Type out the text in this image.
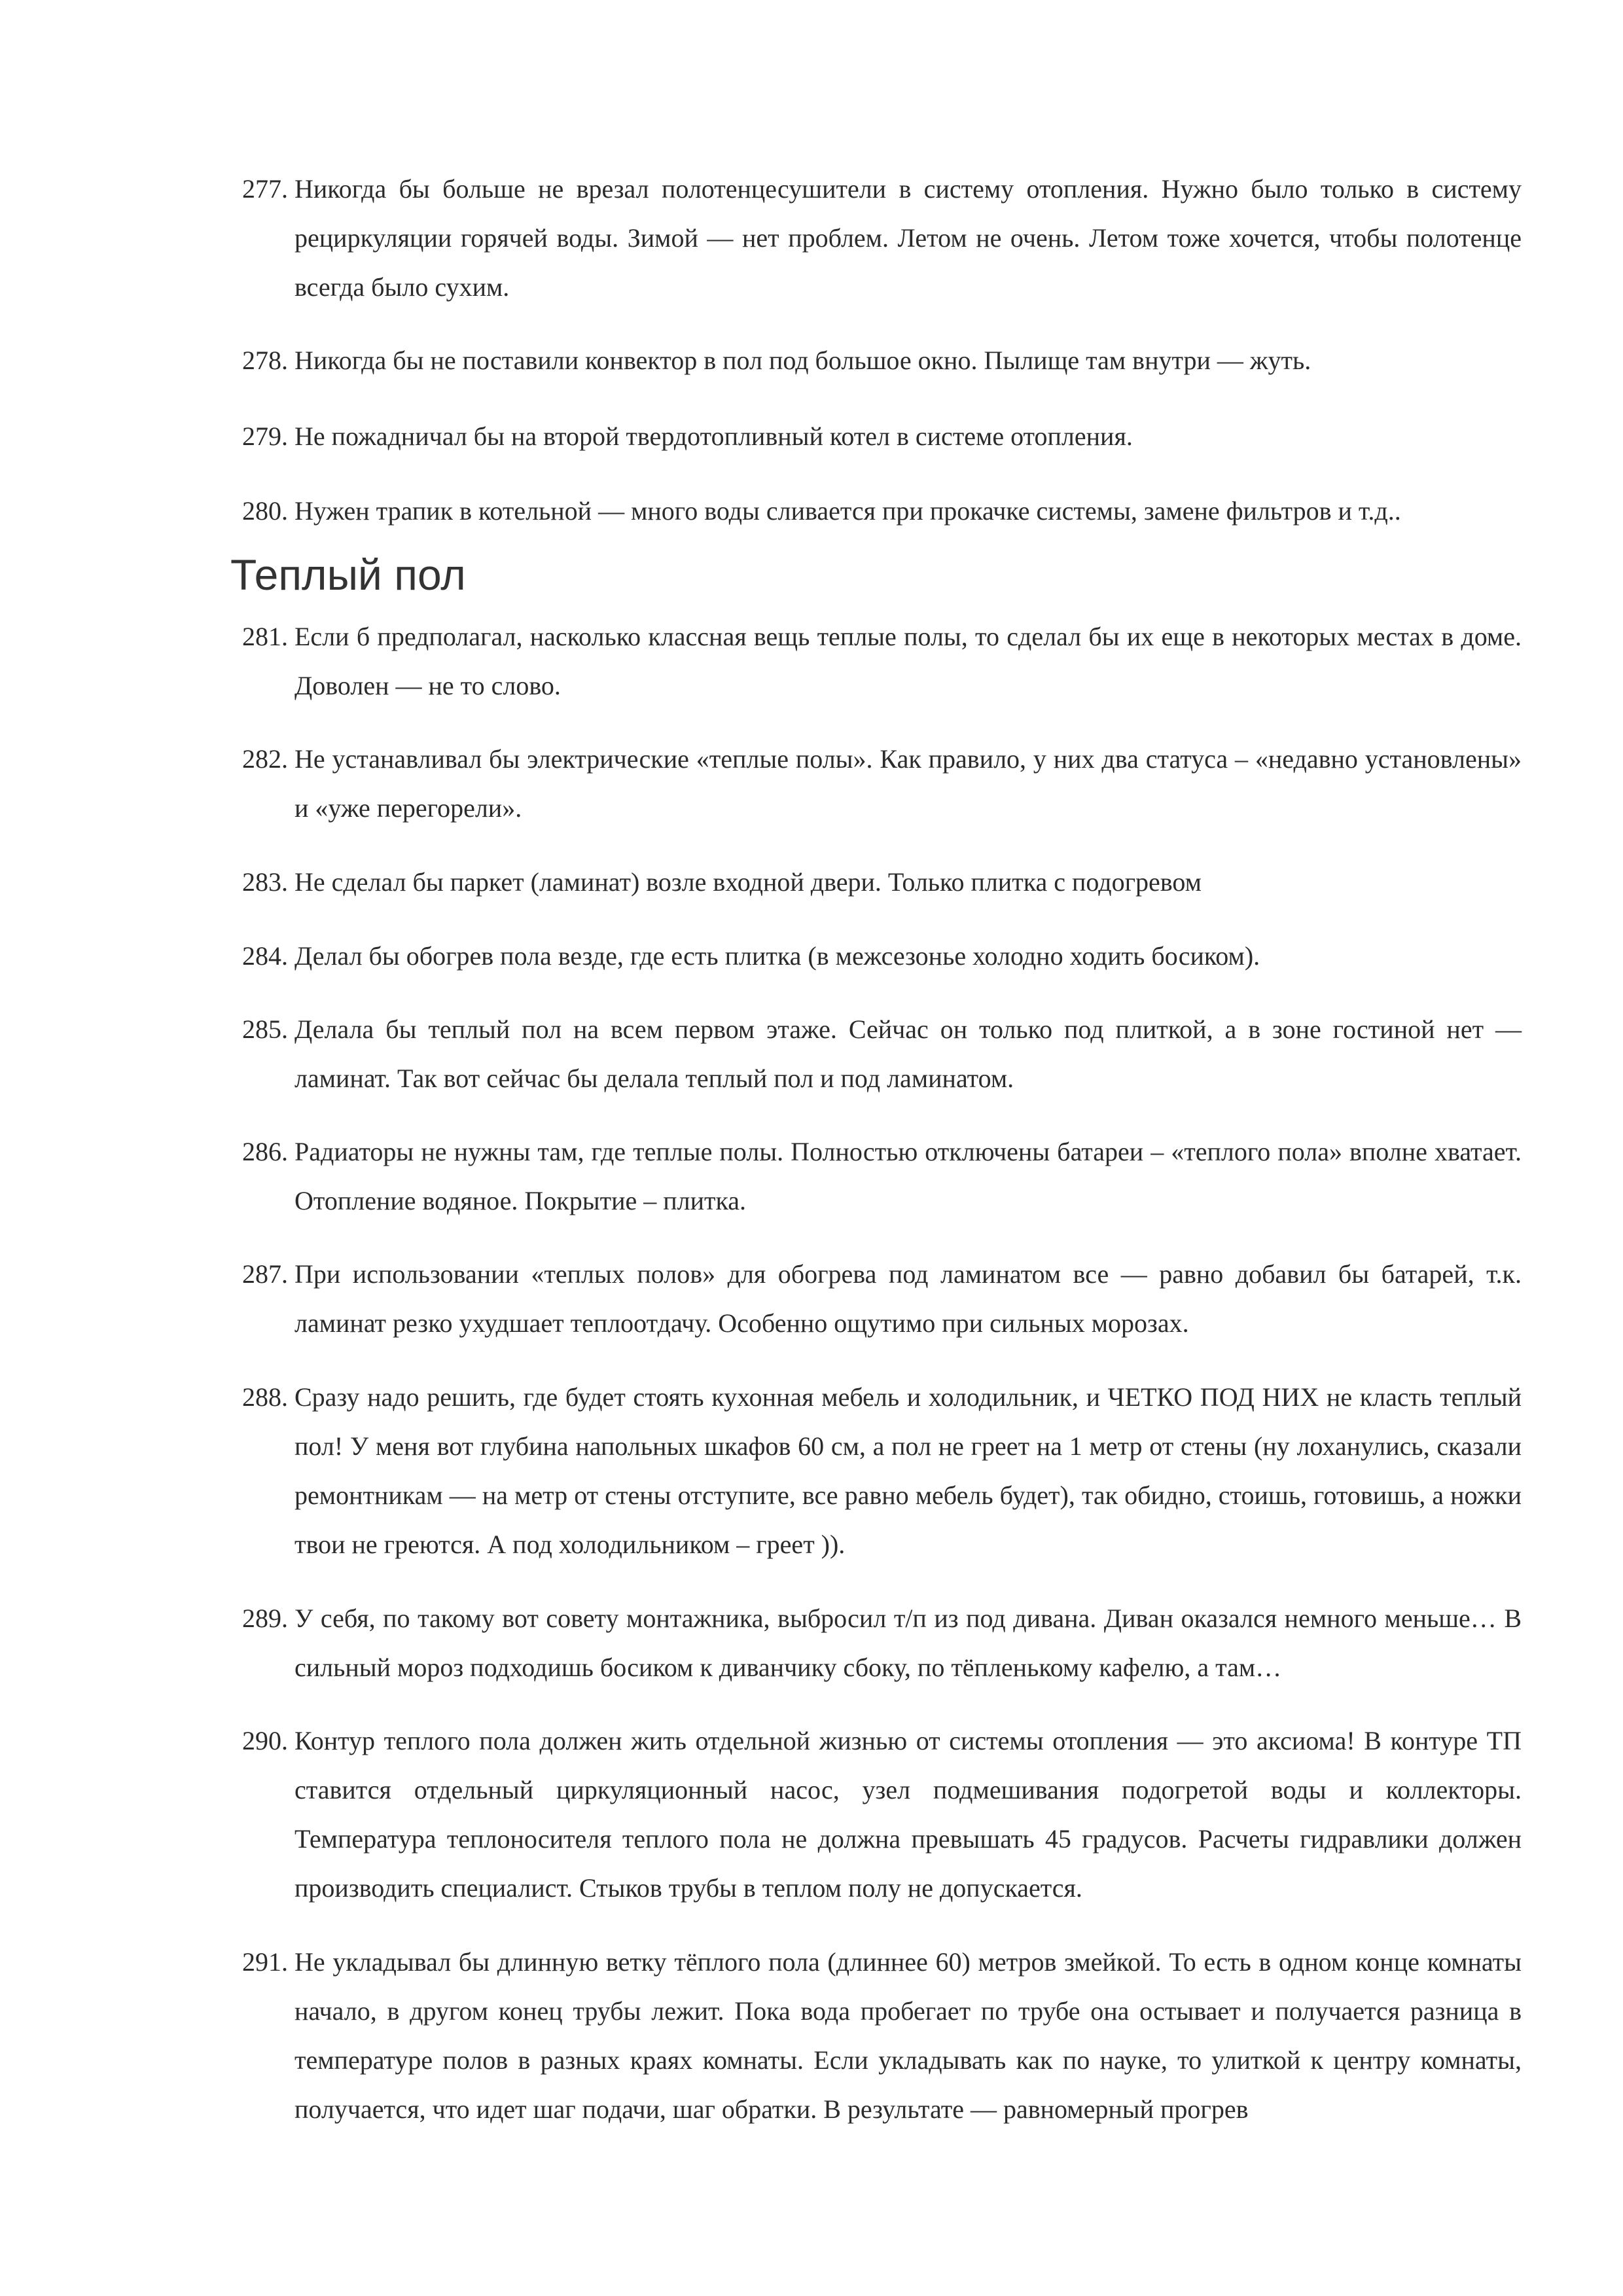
277. Никогда бы больше не врезал полотенцесушители в систему отопления. Нужно было только в систему рециркуляции горячей воды. Зимой — нет проблем. Летом не очень. Летом тоже хочется, чтобы полотенце всегда было сухим.
278. Никогда бы не поставили конвектор в пол под большое окно. Пылище там внутри — жуть.
279. Не пожадничал бы на второй твердотопливный котел в системе отопления.
280. Нужен трапик в котельной — много воды сливается при прокачке системы, замене фильтров и т.д..
Теплый пол
281. Если б предполагал, насколько классная вещь теплые полы, то сделал бы их еще в некоторых местах в доме. Доволен — не то слово.
282. Не устанавливал бы электрические «теплые полы». Как правило, у них два статуса – «недавно установлены» и «уже перегорели».
283. Не сделал бы паркет (ламинат) возле входной двери. Только плитка с подогревом
284. Делал бы обогрев пола везде, где есть плитка (в межсезонье холодно ходить босиком).
285. Делала бы теплый пол на всем первом этаже. Сейчас он только под плиткой, а в зоне гостиной нет — ламинат. Так вот сейчас бы делала теплый пол и под ламинатом.
286. Радиаторы не нужны там, где теплые полы. Полностью отключены батареи – «теплого пола» вполне хватает. Отопление водяное. Покрытие – плитка.
287. При использовании «теплых полов» для обогрева под ламинатом все — равно добавил бы батарей, т.к. ламинат резко ухудшает теплоотдачу. Особенно ощутимо при сильных морозах.
288. Сразу надо решить, где будет стоять кухонная мебель и холодильник, и ЧЕТКО ПОД НИХ не класть теплый пол! У меня вот глубина напольных шкафов 60 см, а пол не греет на 1 метр от стены (ну лоханулись, сказали ремонтникам — на метр от стены отступите, все равно мебель будет), так обидно, стоишь, готовишь, а ножки твои не греются. А под холодильником – греет )).
289. У себя, по такому вот совету монтажника, выбросил т/п из под дивана. Диван оказался немного меньше… В сильный мороз подходишь босиком к диванчику сбоку, по тёпленькому кафелю, а там…
290. Контур теплого пола должен жить отдельной жизнью от системы отопления — это аксиома! В контуре ТП ставится отдельный циркуляционный насос, узел подмешивания подогретой воды и коллекторы. Температура теплоносителя теплого пола не должна превышать 45 градусов. Расчеты гидравлики должен производить специалист. Стыков трубы в теплом полу не допускается.
291. Не укладывал бы длинную ветку тёплого пола (длиннее 60) метров змейкой. То есть в одном конце комнаты начало, в другом конец трубы лежит. Пока вода пробегает по трубе она остывает и получается разница в температуре полов в разных краях комнаты. Если укладывать как по науке, то улиткой к центру комнаты, получается, что идет шаг подачи, шаг обратки. В результате — равномерный прогрев
